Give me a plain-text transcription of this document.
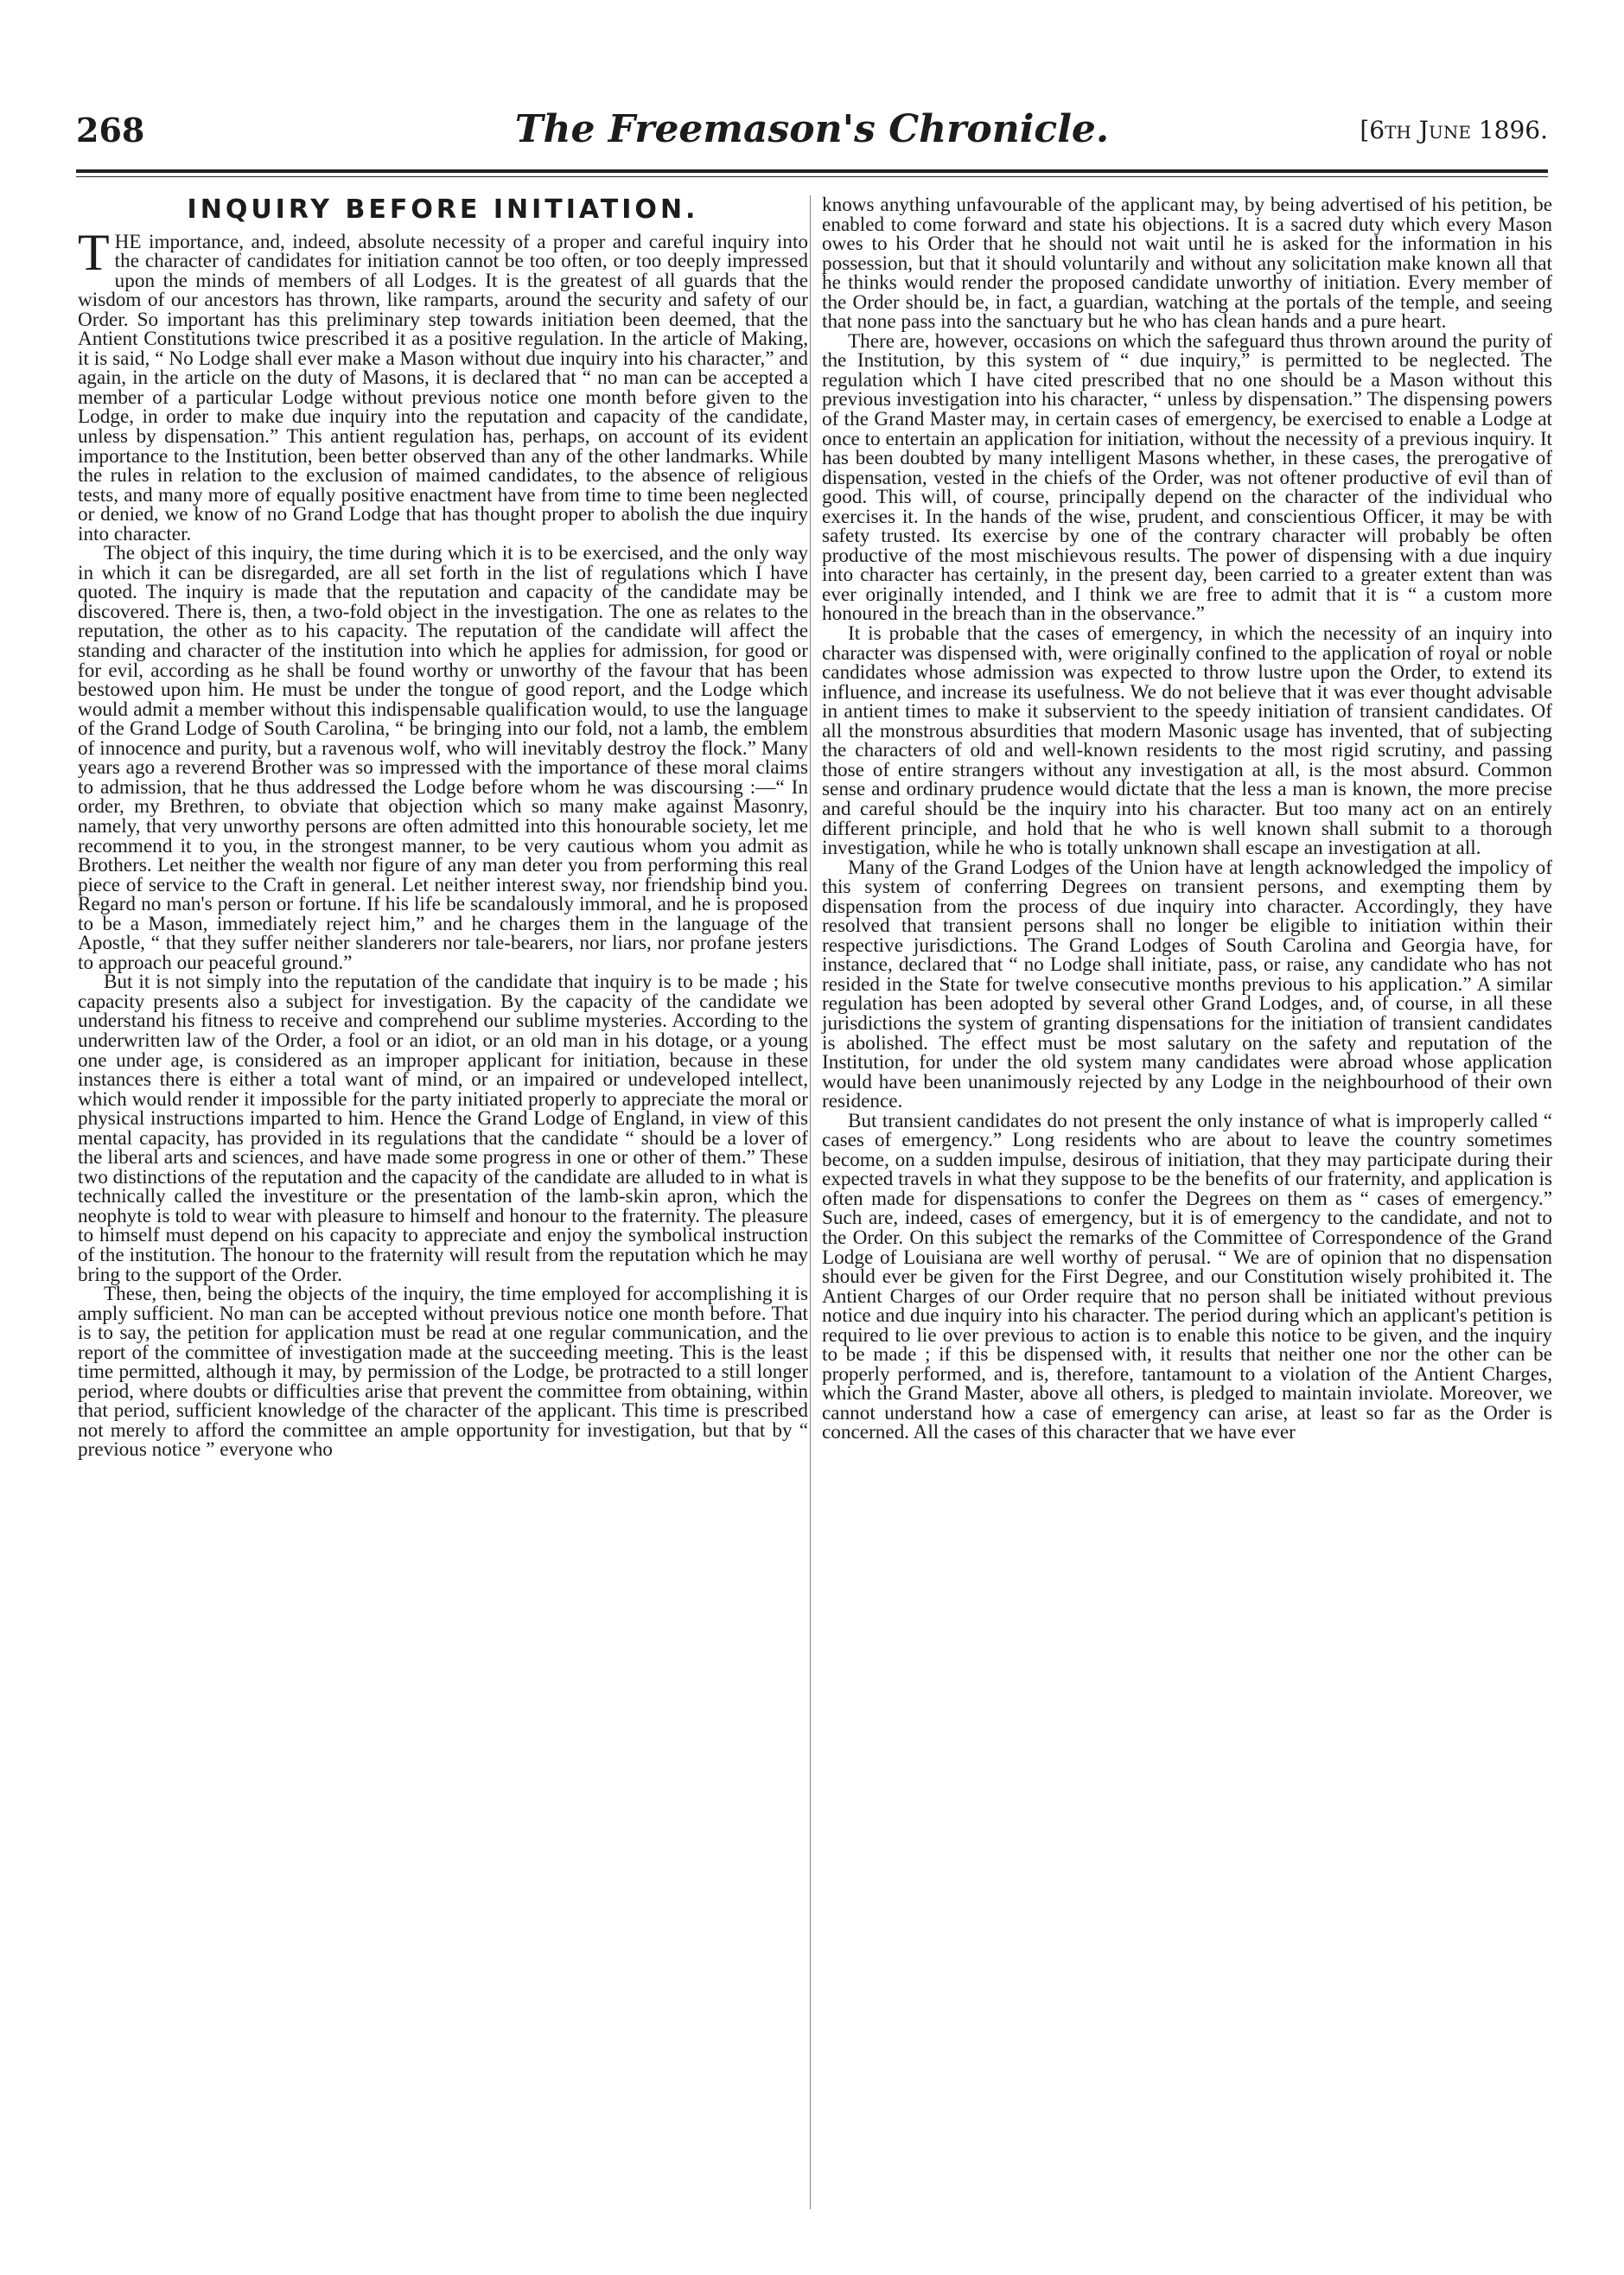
268	The Freemason's Chronicle.	[6th June 1896.
INQUIRY BEFORE INITIATION.

THE importance, and, indeed, absolute necessity of a proper and careful inquiry into the character of candidates for initiation cannot be too often, or too deeply impressed upon the minds of members of all Lodges. It is the greatest of all guards that the wisdom of our ancestors has thrown, like ramparts, around the security and safety of our Order. So important has this preliminary step towards initiation been deemed, that the Antient Constitutions twice prescribed it as a positive regulation. In the article of Making, it is said, “ No Lodge shall ever make a Mason without due inquiry into his character,” and again, in the article on the duty of Masons, it is declared that “ no man can be accepted a member of a particular Lodge without previous notice one month before given to the Lodge, in order to make due inquiry into the reputation and capacity of the candidate, unless by dispensation.” This antient regulation has, perhaps, on account of its evident importance to the Institution, been better observed than any of the other landmarks. While the rules in relation to the exclusion of maimed candidates, to the absence of religious tests, and many more of equally positive enactment have from time to time been neglected or denied, we know of no Grand Lodge that has thought proper to abolish the due inquiry into character.

The object of this inquiry, the time during which it is to be exercised, and the only way in which it can be disregarded, are all set forth in the list of regulations which I have quoted. The inquiry is made that the reputation and capacity of the candidate may be discovered. There is, then, a two-fold object in the investigation. The one as relates to the reputation, the other as to his capacity. The reputation of the candidate will affect the standing and character of the institution into which he applies for admission, for good or for evil, according as he shall be found worthy or unworthy of the favour that has been bestowed upon him. He must be under the tongue of good report, and the Lodge which would admit a member without this indispensable qualification would, to use the language of the Grand Lodge of South Carolina, “ be bringing into our fold, not a lamb, the emblem of innocence and purity, but a ravenous wolf, who will inevitably destroy the flock.” Many years ago a reverend Brother was so impressed with the importance of these moral claims to admission, that he thus addressed the Lodge before whom he was discoursing :—“ In order, my Brethren, to obviate that objection which so many make against Masonry, namely, that very unworthy persons are often admitted into this honourable society, let me recommend it to you, in the strongest manner, to be very cautious whom you admit as Brothers. Let neither the wealth nor figure of any man deter you from performing this real piece of service to the Craft in general. Let neither interest sway, nor friendship bind you. Regard no man's person or fortune. If his life be scandalously immoral, and he is proposed to be a Mason, immediately reject him,” and he charges them in the language of the Apostle, “ that they suffer neither slanderers nor tale-bearers, nor liars, nor profane jesters to approach our peaceful ground.”

But it is not simply into the reputation of the candidate that inquiry is to be made ; his capacity presents also a subject for investigation. By the capacity of the candidate we understand his fitness to receive and comprehend our sublime mysteries. According to the underwritten law of the Order, a fool or an idiot, or an old man in his dotage, or a young one under age, is considered as an improper applicant for initiation, because in these instances there is either a total want of mind, or an impaired or undeveloped intellect, which would render it impossible for the party initiated properly to appreciate the moral or physical instructions imparted to him. Hence the Grand Lodge of England, in view of this mental capacity, has provided in its regulations that the candidate “ should be a lover of the liberal arts and sciences, and have made some progress in one or other of them.” These two distinctions of the reputation and the capacity of the candidate are alluded to in what is technically called the investiture or the presentation of the lamb-skin apron, which the neophyte is told to wear with pleasure to himself and honour to the fraternity. The pleasure to himself must depend on his capacity to appreciate and enjoy the symbolical instruction of the institution. The honour to the fraternity will result from the reputation which he may bring to the support of the Order.

These, then, being the objects of the inquiry, the time employed for accomplishing it is amply sufficient. No man can be accepted without previous notice one month before. That is to say, the petition for application must be read at one regular communication, and the report of the committee of investigation made at the succeeding meeting. This is the least time permitted, although it may, by permission of the Lodge, be protracted to a still longer period, where doubts or difficulties arise that prevent the committee from obtaining, within that period, sufficient knowledge of the character of the applicant. This time is prescribed not merely to afford the committee an ample opportunity for investigation, but that by “ previous notice ” everyone who

knows anything unfavourable of the applicant may, by being advertised of his petition, be enabled to come forward and state his objections. It is a sacred duty which every Mason owes to his Order that he should not wait until he is asked for the information in his possession, but that it should voluntarily and without any solicitation make known all that he thinks would render the proposed candidate unworthy of initiation. Every member of the Order should be, in fact, a guardian, watching at the portals of the temple, and seeing that none pass into the sanctuary but he who has clean hands and a pure heart.

There are, however, occasions on which the safeguard thus thrown around the purity of the Institution, by this system of “ due inquiry,” is permitted to be neglected. The regulation which I have cited prescribed that no one should be a Mason without this previous investigation into his character, “ unless by dispensation.” The dispensing powers of the Grand Master may, in certain cases of emergency, be exercised to enable a Lodge at once to entertain an application for initiation, without the necessity of a previous inquiry. It has been doubted by many intelligent Masons whether, in these cases, the prerogative of dispensation, vested in the chiefs of the Order, was not oftener productive of evil than of good. This will, of course, principally depend on the character of the individual who exercises it. In the hands of the wise, prudent, and conscientious Officer, it may be with safety trusted. Its exercise by one of the contrary character will probably be often productive of the most mischievous results. The power of dispensing with a due inquiry into character has certainly, in the present day, been carried to a greater extent than was ever originally intended, and I think we are free to admit that it is “ a custom more honoured in the breach than in the observance.”

It is probable that the cases of emergency, in which the necessity of an inquiry into character was dispensed with, were originally confined to the application of royal or noble candidates whose admission was expected to throw lustre upon the Order, to extend its influence, and increase its usefulness. We do not believe that it was ever thought advisable in antient times to make it subservient to the speedy initiation of transient candidates. Of all the monstrous absurdities that modern Masonic usage has invented, that of subjecting the characters of old and well-known residents to the most rigid scrutiny, and passing those of entire strangers without any investigation at all, is the most absurd. Common sense and ordinary prudence would dictate that the less a man is known, the more precise and careful should be the inquiry into his character. But too many act on an entirely different principle, and hold that he who is well known shall submit to a thorough investigation, while he who is totally unknown shall escape an investigation at all.

Many of the Grand Lodges of the Union have at length acknowledged the impolicy of this system of conferring Degrees on transient persons, and exempting them by dispensation from the process of due inquiry into character. Accordingly, they have resolved that transient persons shall no longer be eligible to initiation within their respective jurisdictions. The Grand Lodges of South Carolina and Georgia have, for instance, declared that “ no Lodge shall initiate, pass, or raise, any candidate who has not resided in the State for twelve consecutive months previous to his application.” A similar regulation has been adopted by several other Grand Lodges, and, of course, in all these jurisdictions the system of granting dispensations for the initiation of transient candidates is abolished. The effect must be most salutary on the safety and reputation of the Institution, for under the old system many candidates were abroad whose application would have been unanimously rejected by any Lodge in the neighbourhood of their own residence.

But transient candidates do not present the only instance of what is improperly called “ cases of emergency.” Long residents who are about to leave the country sometimes become, on a sudden impulse, desirous of initiation, that they may participate during their expected travels in what they suppose to be the benefits of our fraternity, and application is often made for dispensations to confer the Degrees on them as “ cases of emergency.” Such are, indeed, cases of emergency, but it is of emergency to the candidate, and not to the Order. On this subject the remarks of the Committee of Correspondence of the Grand Lodge of Louisiana are well worthy of perusal. “ We are of opinion that no dispensation should ever be given for the First Degree, and our Constitution wisely prohibited it. The Antient Charges of our Order require that no person shall be initiated without previous notice and due inquiry into his character. The period during which an applicant's petition is required to lie over previous to action is to enable this notice to be given, and the inquiry to be made ; if this be dispensed with, it results that neither one nor the other can be properly performed, and is, therefore, tantamount to a violation of the Antient Charges, which the Grand Master, above all others, is pledged to maintain inviolate. Moreover, we cannot understand how a case of emergency can arise, at least so far as the Order is concerned. All the cases of this character that we have ever
